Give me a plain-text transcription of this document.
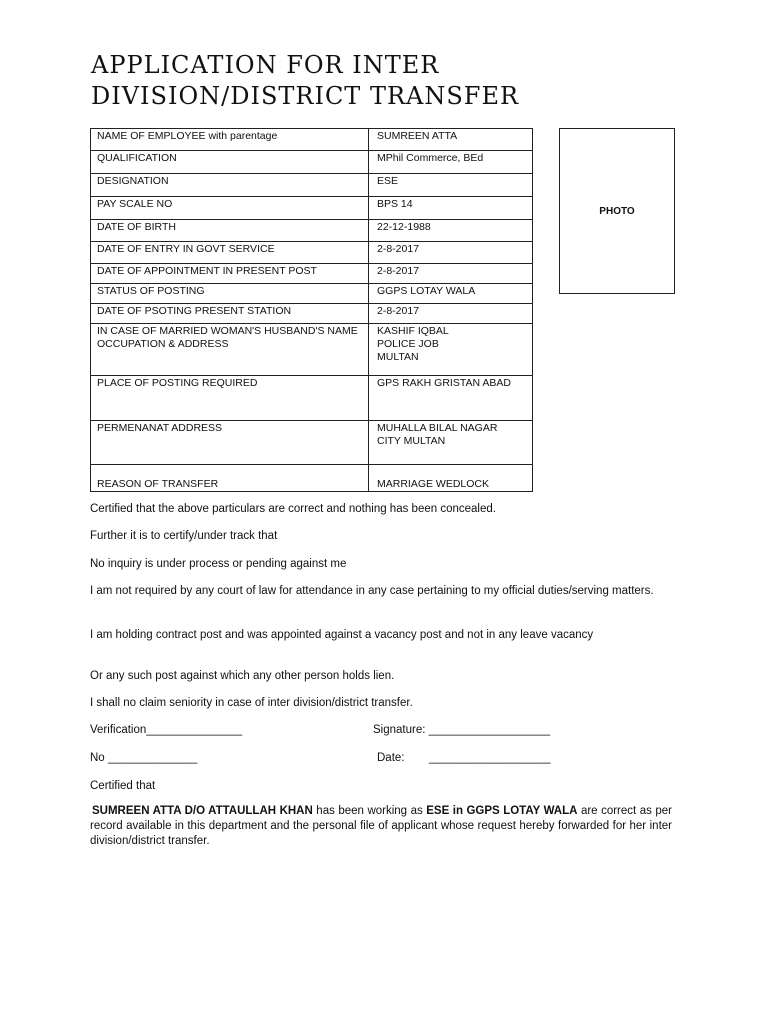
APPLICATION FOR INTER
DIVISION/DISTRICT TRANSFER
NAME OF EMPLOYEE with parentage	SUMREEN ATTA

QUALIFICATION	MPhil Commerce, BEd

DESIGNATION	ESE

PAY SCALE NO	BPS 14

DATE OF BIRTH	22-12-1988

DATE OF ENTRY IN GOVT SERVICE	2-8-2017

DATE OF APPOINTMENT IN PRESENT POST	2-8-2017

STATUS OF POSTING	GGPS LOTAY WALA

DATE OF PSOTING PRESENT STATION	2-8-2017

IN CASE OF MARRIED WOMAN'S HUSBAND'S NAME OCCUPATION & ADDRESS	KASHIF IQBAL
POLICE JOB
MULTAN

PLACE OF POSTING REQUIRED	GPS RAKH GRISTAN ABAD

PERMENANAT ADDRESS	MUHALLA BILAL NAGAR
CITY MULTAN

REASON OF TRANSFER	MARRIAGE WEDLOCK
PHOTO

Certified that the above particulars are correct and nothing has been concealed.

Further it is to certify/under track that

No inquiry is under process or pending against me

I am not required by any court of law for attendance in any case pertaining to my official duties/serving matters.

I am holding contract post and was appointed against a vacancy post and not in any leave vacancy

Or any such post against which any other person holds lien.

I shall no claim seniority in case of inter division/district transfer.

Verification_______________	Signature: ___________________
No ______________	Date: ___________________

Certified that

SUMREEN ATTA D/O ATTAULLAH KHAN has been working as ESE in GGPS LOTAY WALA are correct as per record available in this department and the personal file of applicant whose request hereby forwarded for her inter division/district transfer.
